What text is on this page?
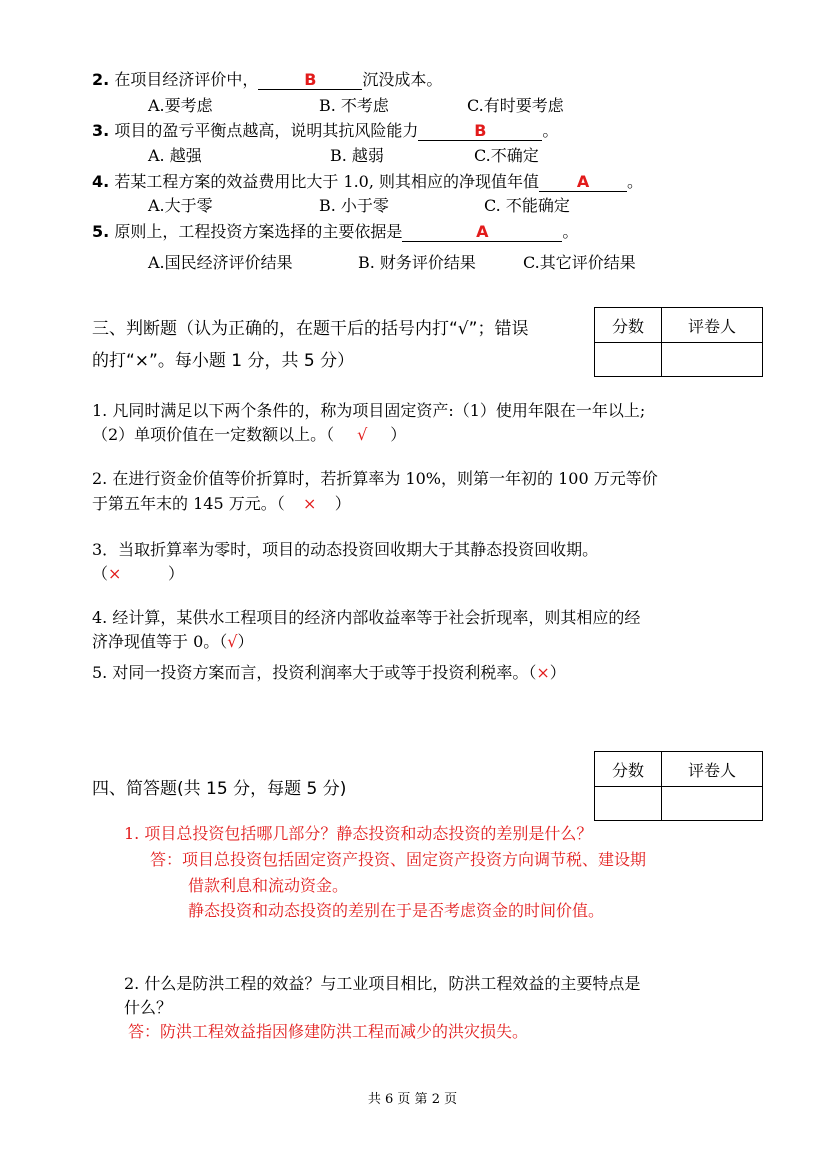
2. 在项目经济评价中，	B	沉没成本。
A.要考虑	B. 不考虑	C.有时要考虑
3. 项目的盈亏平衡点越高，说明其抗风险能力	B	。
A. 越强	B. 越弱	C.不确定
4. 若某工程方案的效益费用比大于 1.0, 则其相应的净现值年值 A 。
A.大于零	B. 小于零	C. 不能确定
5. 原则上，工程投资方案选择的主要依据是	A	。
A.国民经济评价结果	B. 财务评价结果	C.其它评价结果
三、判断题（认为正确的，在题干后的括号内打“√”；错误
的打“×”。每小题 1 分，共 5 分）
分数	评卷人

1. 凡同时满足以下两个条件的，称为项目固定资产:（1）使用年限在一年以上;
（2）单项价值在一定数额以上。（ √ ）
2. 在进行资金价值等价折算时，若折算率为 10%，则第一年初的 100 万元等价
于第五年末的 145 万元。（ × ）
3．当取折算率为零时，项目的动态投资回收期大于其静态投资回收期。
（×	）
4. 经计算，某供水工程项目的经济内部收益率等于社会折现率，则其相应的经
济净现值等于 0。（√）
5. 对同一投资方案而言，投资利润率大于或等于投资利税率。（×）
分数	评卷人

四、简答题(共 15 分，每题 5 分)
1. 项目总投资包括哪几部分？静态投资和动态投资的差别是什么？
答：项目总投资包括固定资产投资、固定资产投资方向调节税、建设期
借款利息和流动资金。
静态投资和动态投资的差别在于是否考虑资金的时间价值。
2. 什么是防洪工程的效益？与工业项目相比，防洪工程效益的主要特点是
什么？
答：防洪工程效益指因修建防洪工程而减少的洪灾损失。
共 6 页 第 2 页
